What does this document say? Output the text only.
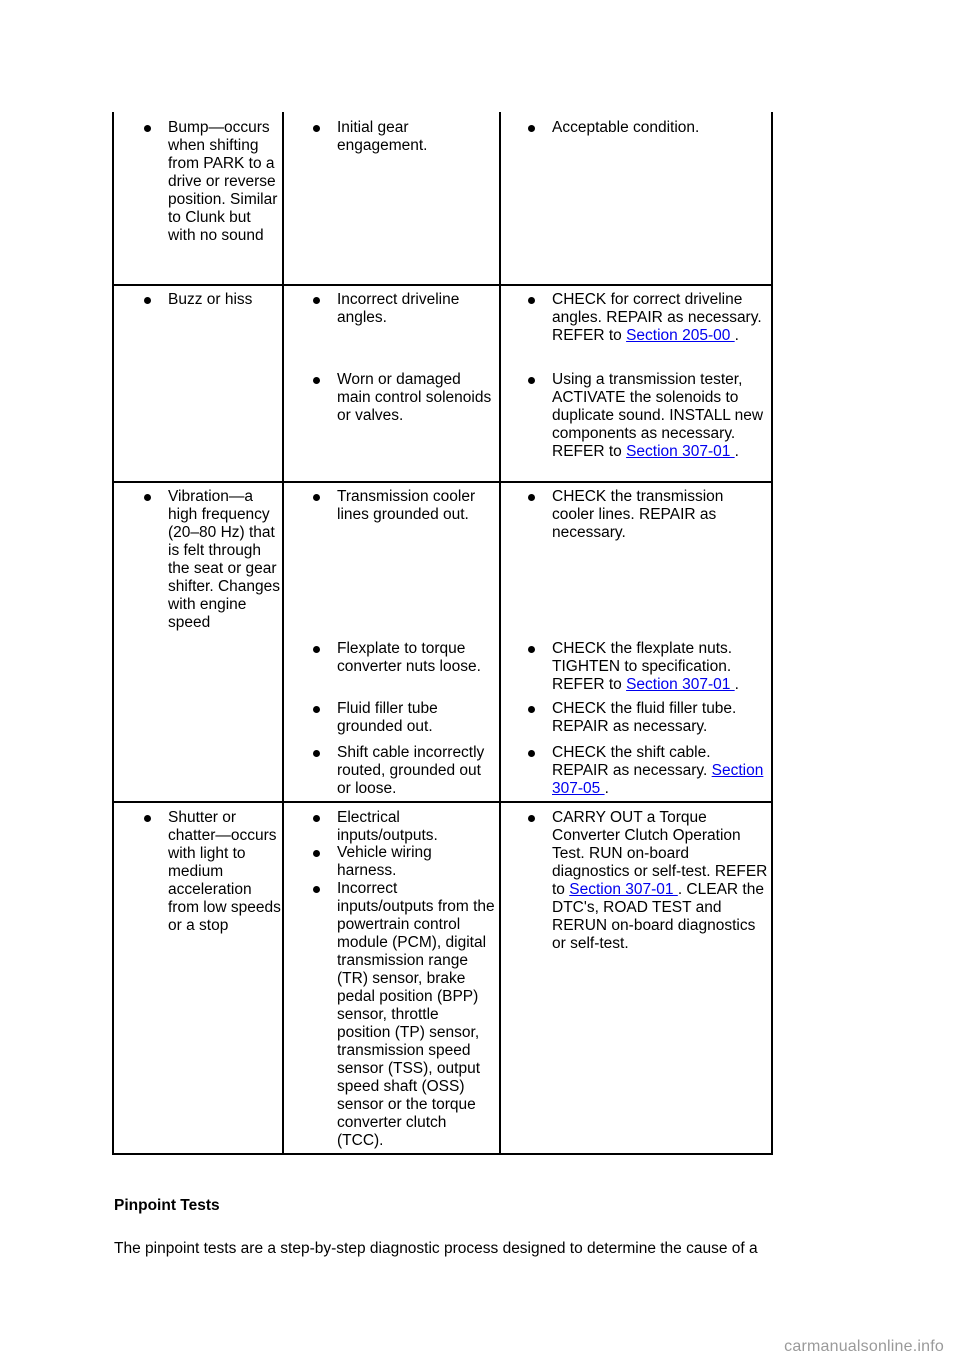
Bump—occurs when shifting from PARK to a drive or reverse position. Similar to Clunk but with no sound
Initial gear engagement.
Acceptable condition.
Buzz or hiss	Incorrect driveline angles.
Worn or damaged main control solenoids or valves.
CHECK for correct driveline angles. REPAIR as necessary. REFER to Section 205-00 .
Using a transmission tester, ACTIVATE the solenoids to duplicate sound. INSTALL new components as necessary. REFER to Section 307-01 .
Vibration—a high frequency (20–80 Hz) that is felt through the seat or gear shifter. Changes with engine speed
Transmission cooler lines grounded out.
Flexplate to torque converter nuts loose.
Fluid filler tube grounded out.
Shift cable incorrectly routed, grounded out or loose.
CHECK the transmission cooler lines. REPAIR as necessary.
CHECK the flexplate nuts. TIGHTEN to specification. REFER to Section 307-01 .
CHECK the fluid filler tube. REPAIR as necessary.
CHECK the shift cable. REPAIR as necessary. Section 307-05 .
Shutter or chatter—occurs with light to medium acceleration from low speeds or a stop
Electrical inputs/outputs.
Vehicle wiring harness.
Incorrect inputs/outputs from the powertrain control module (PCM), digital transmission range (TR) sensor, brake pedal position (BPP) sensor, throttle position (TP) sensor, transmission speed sensor (TSS), output speed shaft (OSS) sensor or the torque converter clutch (TCC).
CARRY OUT a Torque Converter Clutch Operation Test. RUN on-board diagnostics or self-test. REFER to Section 307-01 . CLEAR the DTC's, ROAD TEST and RERUN on-board diagnostics or self-test.
Pinpoint Tests
The pinpoint tests are a step-by-step diagnostic process designed to determine the cause of a
carmanualsonline.info
